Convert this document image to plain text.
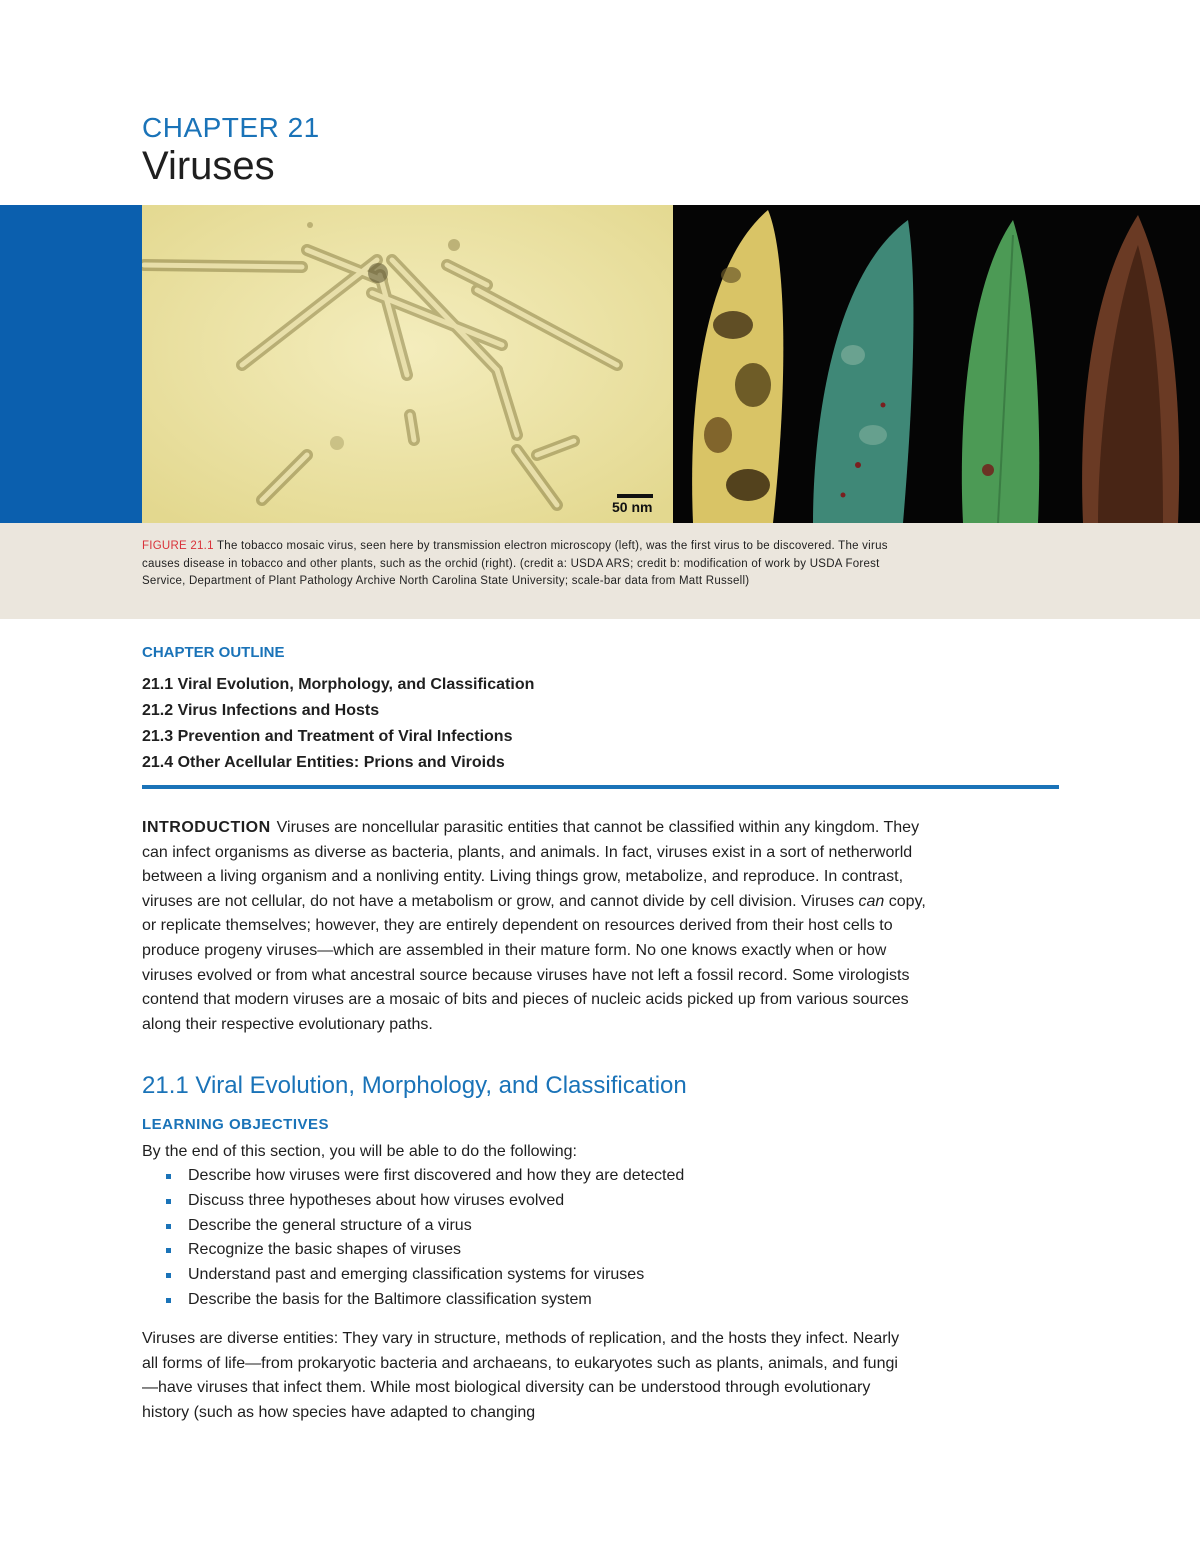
CHAPTER 21
Viruses
50 nm
FIGURE 21.1 The tobacco mosaic virus, seen here by transmission electron microscopy (left), was the first virus to be discovered. The virus causes disease in tobacco and other plants, such as the orchid (right). (credit a: USDA ARS; credit b: modification of work by USDA Forest Service, Department of Plant Pathology Archive North Carolina State University; scale-bar data from Matt Russell)
CHAPTER OUTLINE
21.1 Viral Evolution, Morphology, and Classification
21.2 Virus Infections and Hosts
21.3 Prevention and Treatment of Viral Infections
21.4 Other Acellular Entities: Prions and Viroids
INTRODUCTION Viruses are noncellular parasitic entities that cannot be classified within any kingdom. They can infect organisms as diverse as bacteria, plants, and animals. In fact, viruses exist in a sort of netherworld between a living organism and a nonliving entity. Living things grow, metabolize, and reproduce. In contrast, viruses are not cellular, do not have a metabolism or grow, and cannot divide by cell division. Viruses can copy, or replicate themselves; however, they are entirely dependent on resources derived from their host cells to produce progeny viruses—which are assembled in their mature form. No one knows exactly when or how viruses evolved or from what ancestral source because viruses have not left a fossil record. Some virologists contend that modern viruses are a mosaic of bits and pieces of nucleic acids picked up from various sources along their respective evolutionary paths.
21.1 Viral Evolution, Morphology, and Classification
LEARNING OBJECTIVES
By the end of this section, you will be able to do the following:
Describe how viruses were first discovered and how they are detected
Discuss three hypotheses about how viruses evolved
Describe the general structure of a virus
Recognize the basic shapes of viruses
Understand past and emerging classification systems for viruses
Describe the basis for the Baltimore classification system
Viruses are diverse entities: They vary in structure, methods of replication, and the hosts they infect. Nearly all forms of life—from prokaryotic bacteria and archaeans, to eukaryotes such as plants, animals, and fungi—have viruses that infect them. While most biological diversity can be understood through evolutionary history (such as how species have adapted to changing
